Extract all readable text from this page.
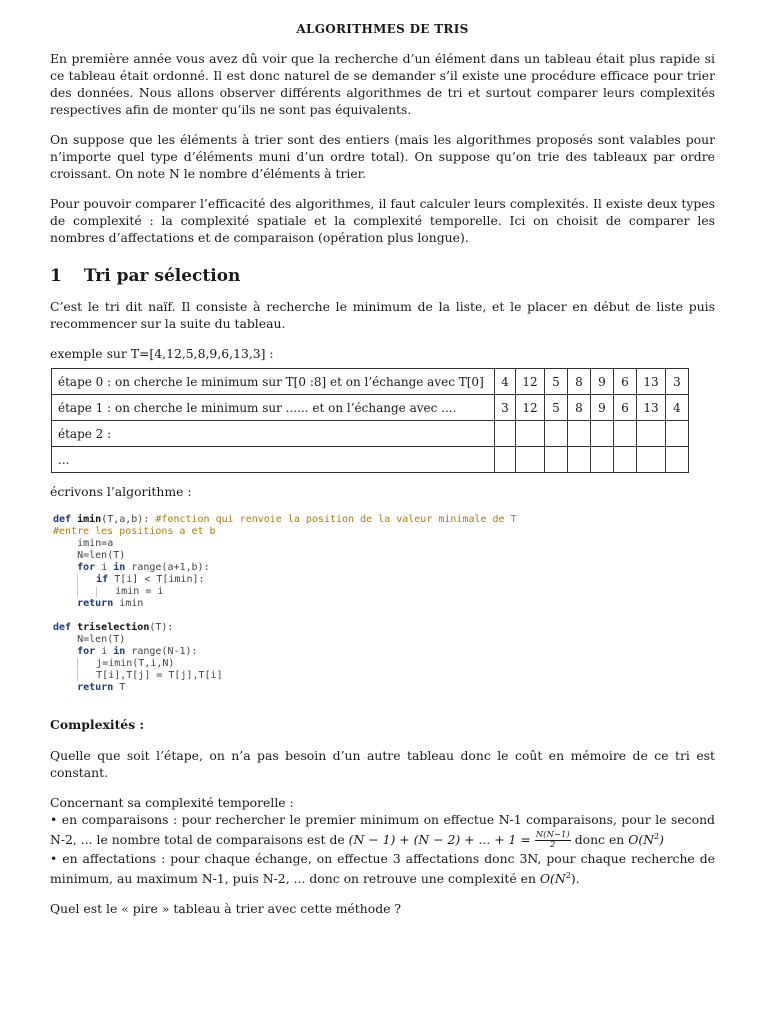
ALGORITHMES DE TRIS

En première année vous avez dû voir que la recherche d’un élément dans un tableau était plus rapide si ce tableau était ordonné. Il est donc naturel de se demander s’il existe une procédure efficace pour trier des données. Nous allons observer différents algorithmes de tri et surtout comparer leurs complexités respectives afin de monter qu’ils ne sont pas équivalents.

On suppose que les éléments à trier sont des entiers (mais les algorithmes proposés sont valables pour n’importe quel type d’éléments muni d’un ordre total). On suppose qu’on trie des tableaux par ordre croissant. On note N le nombre d’éléments à trier.

Pour pouvoir comparer l’efficacité des algorithmes, il faut calculer leurs complexités. Il existe deux types de complexité : la complexité spatiale et la complexité temporelle. Ici on choisit de comparer les nombres d’affectations et de comparaison (opération plus longue).

1 Tri par sélection

C’est le tri dit naïf. Il consiste à recherche le minimum de la liste, et le placer en début de liste puis recommencer sur la suite du tableau.

exemple sur T=[4,12,5,8,9,6,13,3] :

étape 0 : on cherche le minimum sur T[0 :8] et on l’échange avec T[0]	4	12	5	8	9	6	13	3
étape 1 : on cherche le minimum sur ...... et on l’échange avec ....	3	12	5	8	9	6	13	4
étape 2 :								
...								

écrivons l’algorithme :

def imin(T,a,b): #fonction qui renvoie la position de la valeur minimale de T
#entre les positions a et b
imin=a
N=len(T)
for i in range(a+1,b):
if T[i] < T[imin]:
imin = i
return imin

def triselection(T):
N=len(T)
for i in range(N-1):
j=imin(T,i,N)
T[i],T[j] = T[j],T[i]
return T

Complexités :

Quelle que soit l’étape, on n’a pas besoin d’un autre tableau donc le coût en mémoire de ce tri est constant.

Concernant sa complexité temporelle :

• en comparaisons : pour rechercher le premier minimum on effectue N-1 comparaisons, pour le second N-2, ... le nombre total de comparaisons est de (N − 1) + (N − 2) + ... + $1 = \frac{N(N-1)}{2}$ donc en $O(N^2)$

• en affectations : pour chaque échange, on effectue 3 affectations donc 3N, pour chaque recherche de minimum, au maximum N-1, puis N-2, ... donc on retrouve une complexité en $O(N^2)$.

Quel est le « pire » tableau à trier avec cette méthode ?
